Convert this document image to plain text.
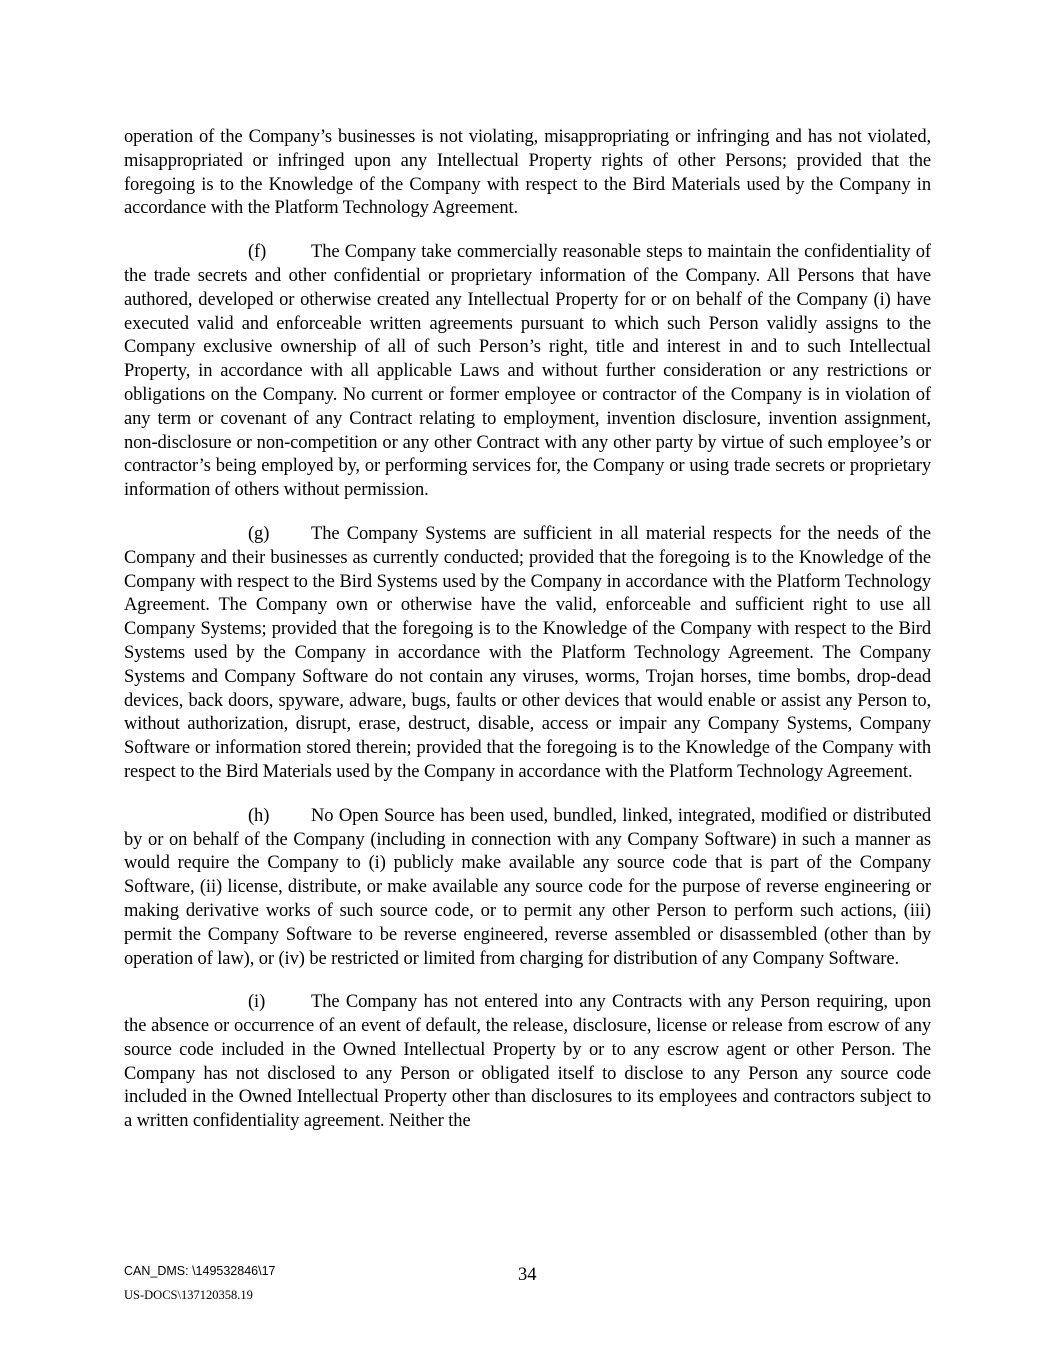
operation of the Company’s businesses is not violating, misappropriating or infringing and has not violated, misappropriated or infringed upon any Intellectual Property rights of other Persons; provided that the foregoing is to the Knowledge of the Company with respect to the Bird Materials used by the Company in accordance with the Platform Technology Agreement.

(f) The Company take commercially reasonable steps to maintain the confidentiality of the trade secrets and other confidential or proprietary information of the Company. All Persons that have authored, developed or otherwise created any Intellectual Property for or on behalf of the Company (i) have executed valid and enforceable written agreements pursuant to which such Person validly assigns to the Company exclusive ownership of all of such Person’s right, title and interest in and to such Intellectual Property, in accordance with all applicable Laws and without further consideration or any restrictions or obligations on the Company. No current or former employee or contractor of the Company is in violation of any term or covenant of any Contract relating to employment, invention disclosure, invention assignment, non-disclosure or non-competition or any other Contract with any other party by virtue of such employee’s or contractor’s being employed by, or performing services for, the Company or using trade secrets or proprietary information of others without permission.

(g) The Company Systems are sufficient in all material respects for the needs of the Company and their businesses as currently conducted; provided that the foregoing is to the Knowledge of the Company with respect to the Bird Systems used by the Company in accordance with the Platform Technology Agreement. The Company own or otherwise have the valid, enforceable and sufficient right to use all Company Systems; provided that the foregoing is to the Knowledge of the Company with respect to the Bird Systems used by the Company in accordance with the Platform Technology Agreement. The Company Systems and Company Software do not contain any viruses, worms, Trojan horses, time bombs, drop-dead devices, back doors, spyware, adware, bugs, faults or other devices that would enable or assist any Person to, without authorization, disrupt, erase, destruct, disable, access or impair any Company Systems, Company Software or information stored therein; provided that the foregoing is to the Knowledge of the Company with respect to the Bird Materials used by the Company in accordance with the Platform Technology Agreement.

(h) No Open Source has been used, bundled, linked, integrated, modified or distributed by or on behalf of the Company (including in connection with any Company Software) in such a manner as would require the Company to (i) publicly make available any source code that is part of the Company Software, (ii) license, distribute, or make available any source code for the purpose of reverse engineering or making derivative works of such source code, or to permit any other Person to perform such actions, (iii) permit the Company Software to be reverse engineered, reverse assembled or disassembled (other than by operation of law), or (iv) be restricted or limited from charging for distribution of any Company Software.

(i) The Company has not entered into any Contracts with any Person requiring, upon the absence or occurrence of an event of default, the release, disclosure, license or release from escrow of any source code included in the Owned Intellectual Property by or to any escrow agent or other Person. The Company has not disclosed to any Person or obligated itself to disclose to any Person any source code included in the Owned Intellectual Property other than disclosures to its employees and contractors subject to a written confidentiality agreement. Neither the

CAN_DMS: \149532846\17	34
US-DOCS\137120358.19
